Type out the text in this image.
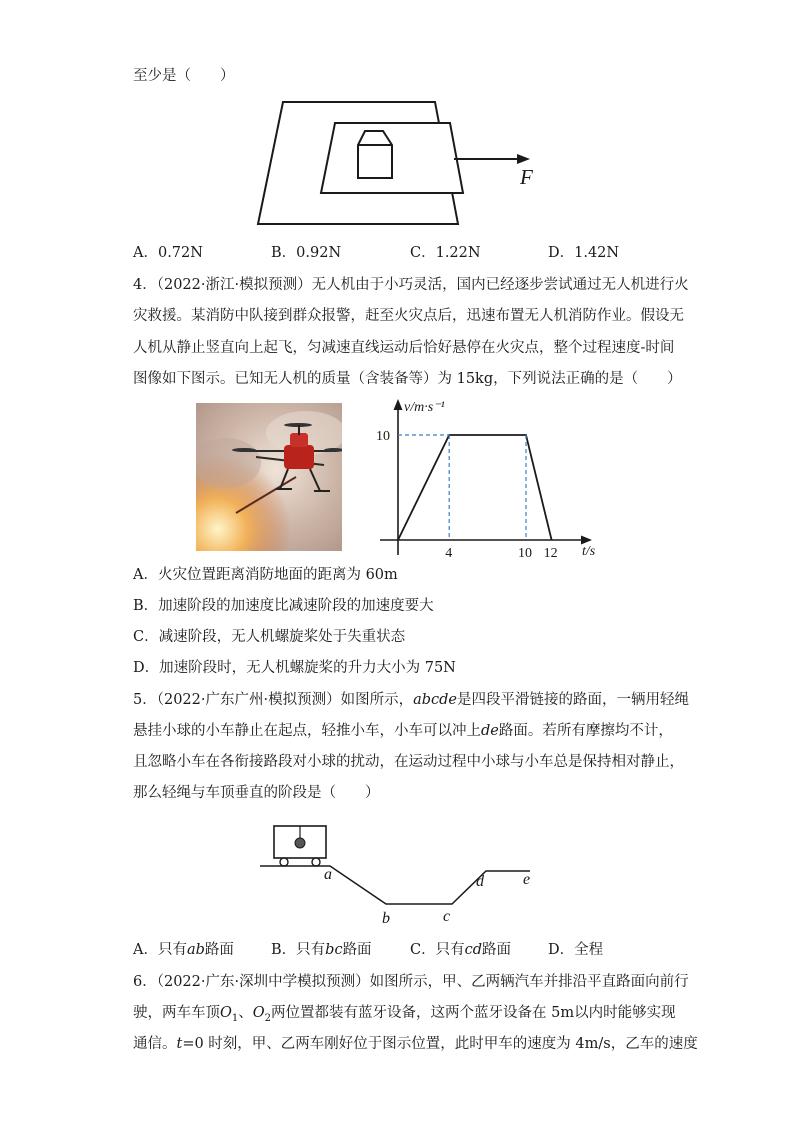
至少是（　　）
F
A．0.72N	B．0.92N	C．1.22N	D．1.42N
4．（2022·浙江·模拟预测）无人机由于小巧灵活，国内已经逐步尝试通过无人机进行火
灾救援。某消防中队接到群众报警，赶至火灾点后，迅速布置无人机消防作业。假设无
人机从静止竖直向上起飞，匀减速直线运动后恰好悬停在火灾点，整个过程速度-时间
图像如下图示。已知无人机的质量（含装备等）为 15kg，下列说法正确的是（　　）
v/m·s⁻¹
t/s
4	10 12
10
A．火灾位置距离消防地面的距离为 60m
B．加速阶段的加速度比减速阶段的加速度要大
C．减速阶段，无人机螺旋桨处于失重状态
D．加速阶段时，无人机螺旋桨的升力大小为 75N
5．（2022·广东广州·模拟预测）如图所示，abcde是四段平滑链接的路面，一辆用轻绳
悬挂小球的小车静止在起点，轻推小车，小车可以冲上de路面。若所有摩擦均不计，
且忽略小车在各衔接路段对小球的扰动，在运动过程中小球与小车总是保持相对静止，
那么轻绳与车顶垂直的阶段是（　　）
a
b	c
d e
A．只有ab路面	B．只有bc路面	C．只有cd路面	D．全程
6．（2022·广东·深圳中学模拟预测）如图所示，甲、乙两辆汽车并排沿平直路面向前行
驶，两车车顶$O_1$、$O_2$两位置都装有蓝牙设备，这两个蓝牙设备在 5m以内时能够实现
通信。t=0 时刻，甲、乙两车刚好位于图示位置，此时甲车的速度为 4m/s，乙车的速度
